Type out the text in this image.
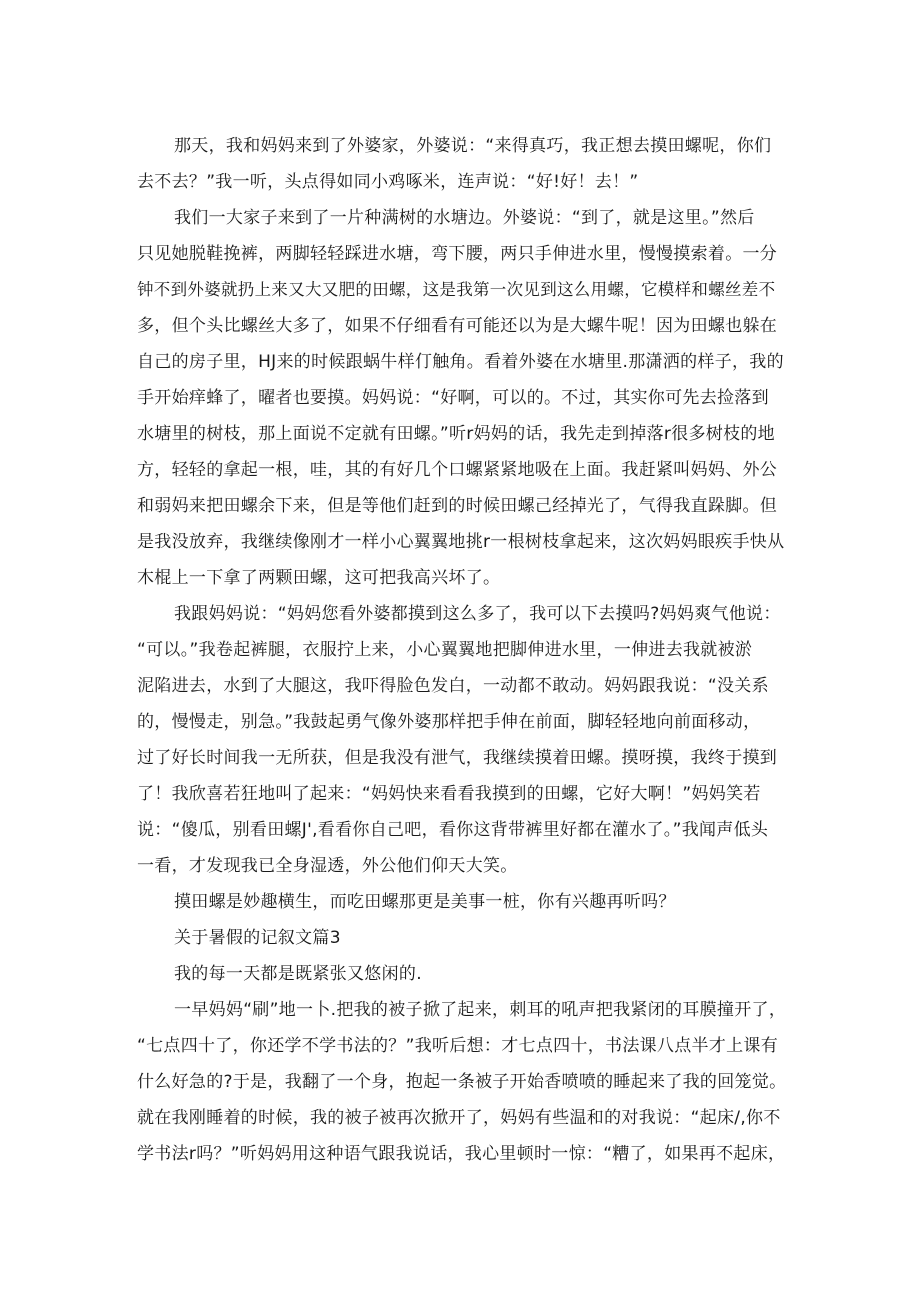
那天，我和妈妈来到了外婆家，外婆说：“来得真巧，我正想去摸田螺呢，你们
去不去？”我一听，头点得如同小鸡啄米，连声说：“好!好！去！”
我们一大家子来到了一片种满树的水塘边。外婆说：“到了，就是这里。”然后
只见她脱鞋挽裤，两脚轻轻踩进水塘，弯下腰，两只手伸进水里，慢慢摸索着。一分
钟不到外婆就扔上来又大又肥的田螺，这是我第一次见到这么用螺，它模样和螺丝差不
多，但个头比螺丝大多了，如果不仔细看有可能还以为是大螺牛呢！因为田螺也躲在
自己的房子里，HJ来的时候跟蜗牛样仃触角。看着外婆在水塘里.那潇洒的样子，我的
手开始痒蜂了，曜者也要摸。妈妈说：“好啊，可以的。不过，其实你可先去捡落到
水塘里的树枝，那上面说不定就有田螺。”听r妈妈的话，我先走到掉落r很多树枝的地
方，轻轻的拿起一根，哇，其的有好几个口螺紧紧地吸在上面。我赶紧叫妈妈、外公
和弱妈来把田螺余下来，但是等他们赶到的时候田螺己经掉光了，气得我直跺脚。但
是我没放弃，我继续像刚才一样小心翼翼地挑r一根树枝拿起来，这次妈妈眼疾手快从
木棍上一下拿了两颗田螺，这可把我高兴坏了。
我跟妈妈说：“妈妈您看外婆都摸到这么多了，我可以下去摸吗?妈妈爽气他说：
“可以。”我卷起裤腿，衣服拧上来，小心翼翼地把脚伸进水里，一伸进去我就被淤
泥陷进去，水到了大腿这，我吓得脸色发白，一动都不敢动。妈妈跟我说：“没关系
的，慢慢走，别急。”我鼓起勇气像外婆那样把手伸在前面，脚轻轻地向前面移动，
过了好长时间我一无所获，但是我没有泄气，我继续摸着田螺。摸呀摸，我终于摸到
了！我欣喜若狂地叫了起来：“妈妈快来看看我摸到的田螺，它好大啊！”妈妈笑若
说：“傻瓜，别看田螺J',看看你自己吧，看你这背带裤里好都在灌水了。”我闻声低头
一看，才发现我已全身湿透，外公他们仰天大笑。
摸田螺是妙趣横生，而吃田螺那更是美事一桩，你有兴趣再听吗？
关于暑假的记叙文篇3
我的每一天都是既紧张又悠闲的.
一早妈妈“刷”地一卜.把我的被子掀了起来，刺耳的吼声把我紧闭的耳膜撞开了，
“七点四十了，你还学不学书法的？”我听后想：才七点四十，书法课八点半才上课有
什么好急的?于是，我翻了一个身，抱起一条被子开始香喷喷的睡起来了我的回笼觉。
就在我刚睡着的时候，我的被子被再次掀开了，妈妈有些温和的对我说：“起床/,你不
学书法r吗？”听妈妈用这种语气跟我说话，我心里顿时一惊：“糟了，如果再不起床，
